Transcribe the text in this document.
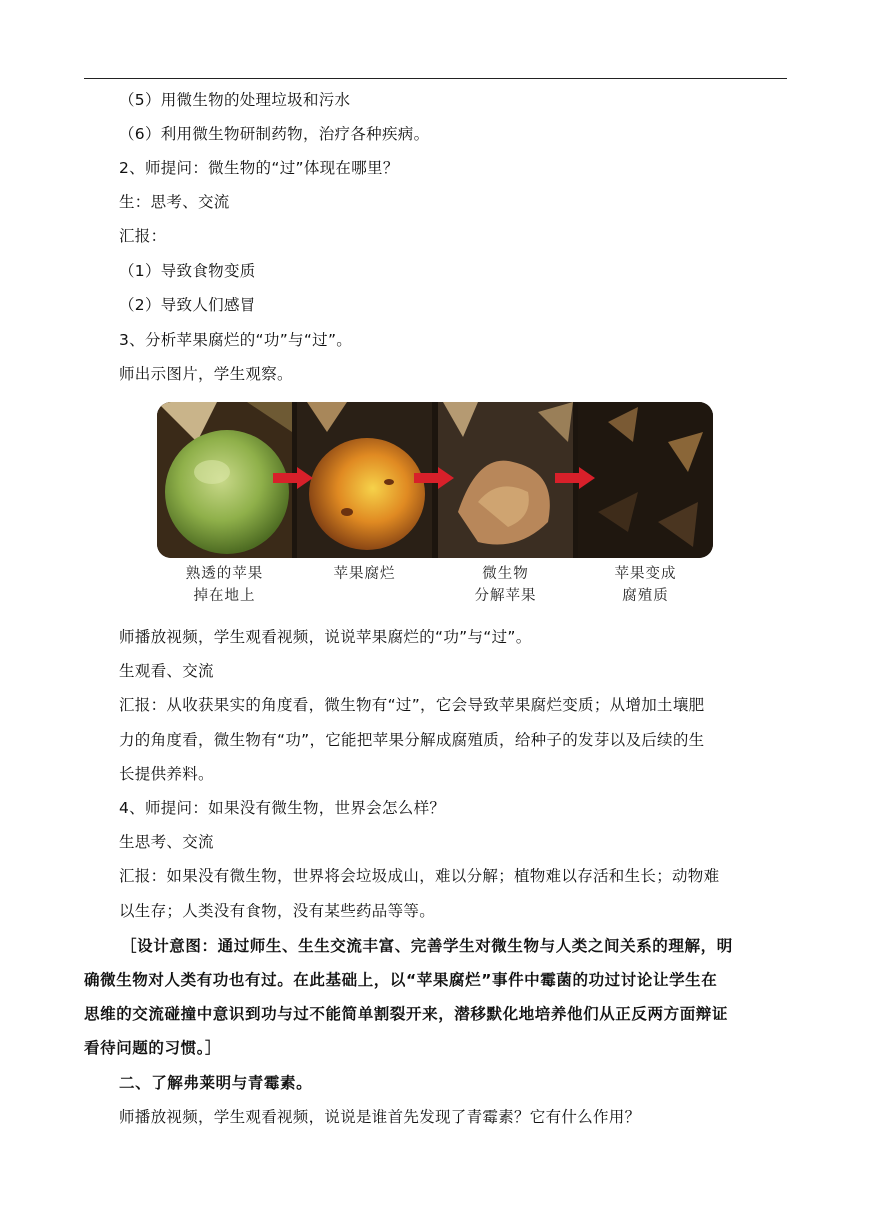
（5）用微生物的处理垃圾和污水
（6）利用微生物研制药物，治疗各种疾病。
2、师提问：微生物的“过”体现在哪里？
生：思考、交流
汇报：
（1）导致食物变质
（2）导致人们感冒
3、分析苹果腐烂的“功”与“过”。
师出示图片，学生观察。
熟透的苹果
掉在地上
苹果腐烂	微生物
分解苹果
苹果变成
腐殖质
师播放视频，学生观看视频，说说苹果腐烂的“功”与“过”。
生观看、交流
汇报：从收获果实的角度看，微生物有“过”，它会导致苹果腐烂变质；从增加土壤肥
力的角度看，微生物有“功”，它能把苹果分解成腐殖质，给种子的发芽以及后续的生
长提供养料。
4、师提问：如果没有微生物，世界会怎么样？
生思考、交流
汇报：如果没有微生物，世界将会垃圾成山，难以分解；植物难以存活和生长；动物难
以生存；人类没有食物，没有某些药品等等。
［设计意图：通过师生、生生交流丰富、完善学生对微生物与人类之间关系的理解，明
确微生物对人类有功也有过。在此基础上，以“苹果腐烂”事件中霉菌的功过讨论让学生在
思维的交流碰撞中意识到功与过不能简单割裂开来，潜移默化地培养他们从正反两方面辩证
看待问题的习惯。］
二、了解弗莱明与青霉素。
师播放视频，学生观看视频，说说是谁首先发现了青霉素？它有什么作用？
